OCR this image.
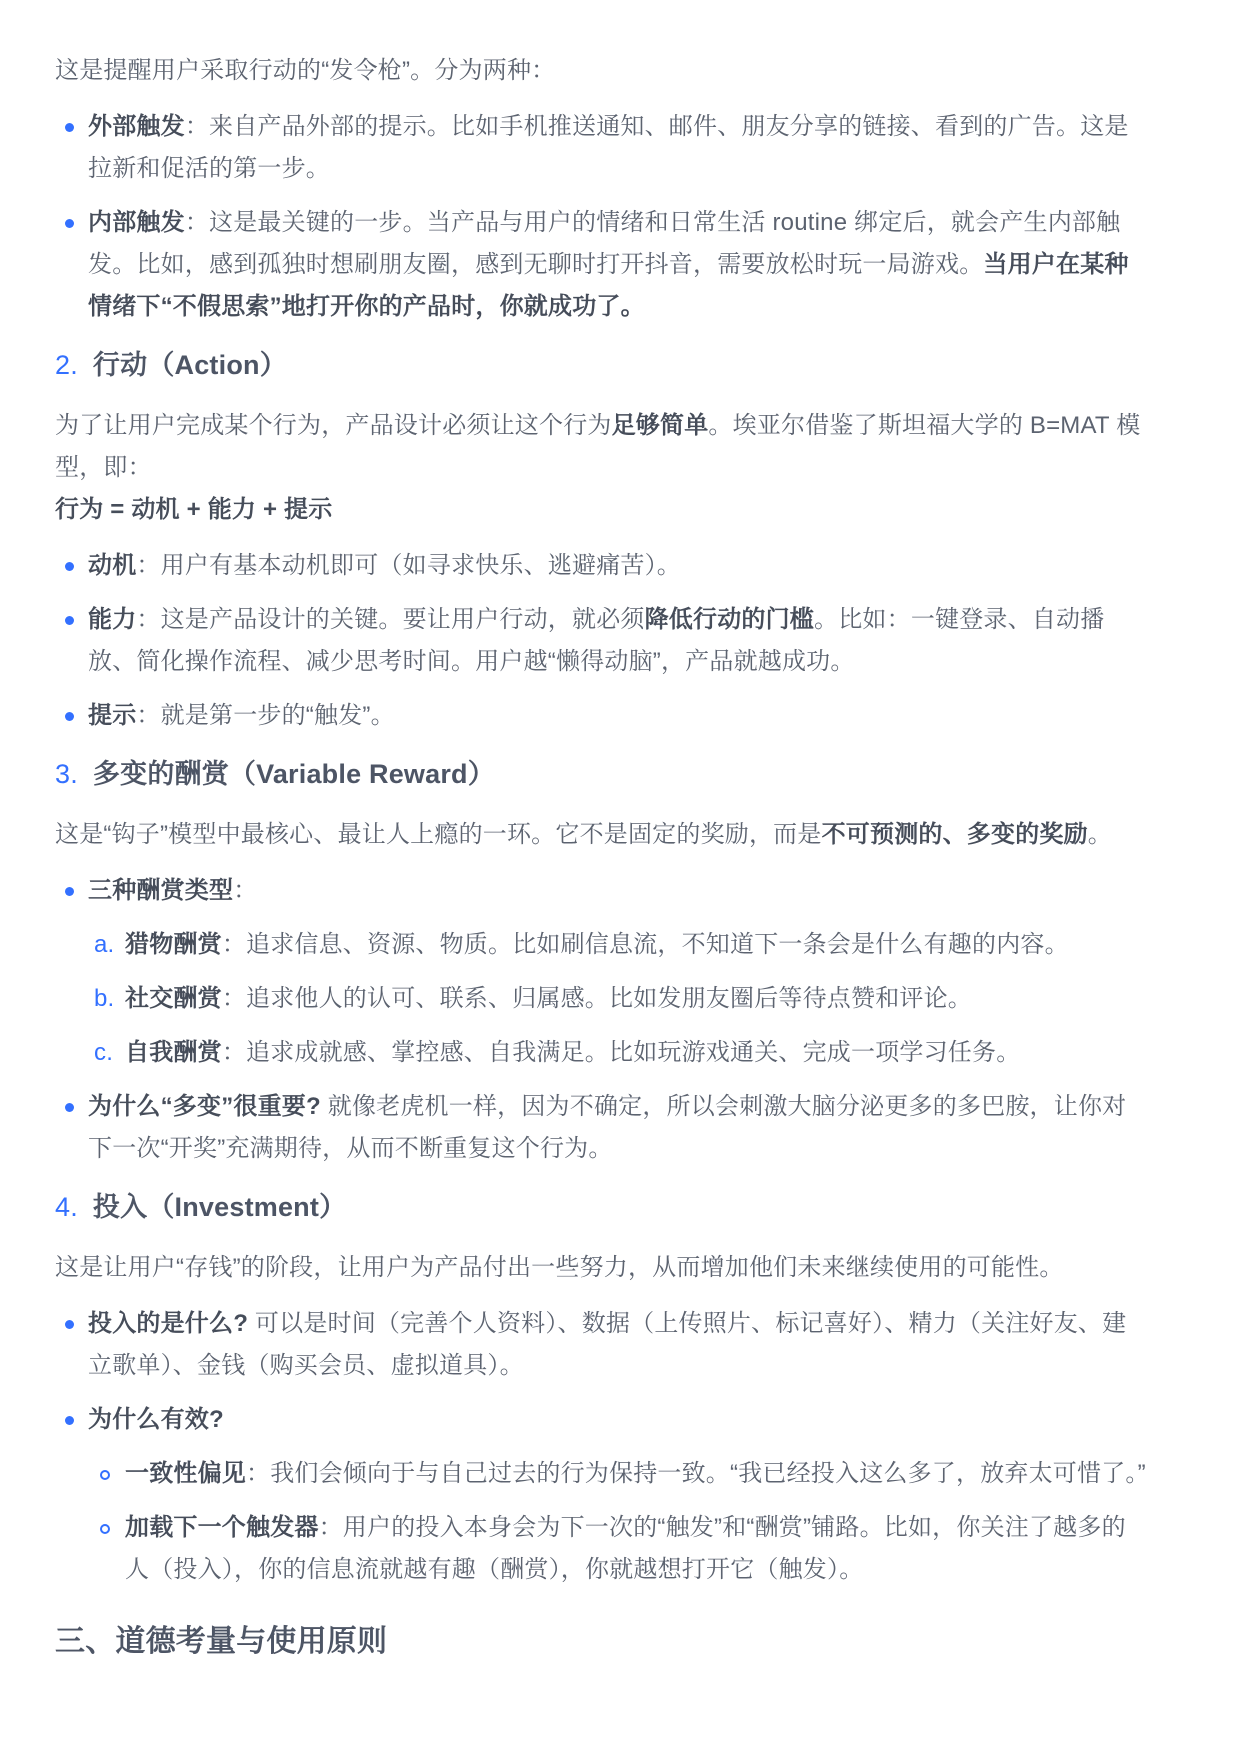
这是提醒用户采取行动的“发令枪”。分为两种：

外部触发：来自产品外部的提示。比如手机推送通知、邮件、朋友分享的链接、看到的广告。这是拉新和促活的第一步。
内部触发：这是最关键的一步。当产品与用户的情绪和日常生活 routine 绑定后，就会产生内部触发。比如，感到孤独时想刷朋友圈，感到无聊时打开抖音，需要放松时玩一局游戏。当用户在某种情绪下“不假思索”地打开你的产品时，你就成功了。
2. 行动（Action）

为了让用户完成某个行为，产品设计必须让这个行为足够简单。埃亚尔借鉴了斯坦福大学的 B=MAT 模型，即：

行为 = 动机 + 能力 + 提示

动机：用户有基本动机即可（如寻求快乐、逃避痛苦）。
能力：这是产品设计的关键。要让用户行动，就必须降低行动的门槛。比如：一键登录、自动播放、简化操作流程、减少思考时间。用户越“懒得动脑”，产品就越成功。
提示：就是第一步的“触发”。
3. 多变的酬赏（Variable Reward）

这是“钩子”模型中最核心、最让人上瘾的一环。它不是固定的奖励，而是不可预测的、多变的奖励。

三种酬赏类型：
a. 猎物酬赏：追求信息、资源、物质。比如刷信息流，不知道下一条会是什么有趣的内容。
b. 社交酬赏：追求他人的认可、联系、归属感。比如发朋友圈后等待点赞和评论。
c. 自我酬赏：追求成就感、掌控感、自我满足。比如玩游戏通关、完成一项学习任务。
为什么“多变”很重要? 就像老虎机一样，因为不确定，所以会刺激大脑分泌更多的多巴胺，让你对下一次“开奖”充满期待，从而不断重复这个行为。
4. 投入（Investment）

这是让用户“存钱”的阶段，让用户为产品付出一些努力，从而增加他们未来继续使用的可能性。

投入的是什么? 可以是时间（完善个人资料）、数据（上传照片、标记喜好）、精力（关注好友、建立歌单）、金钱（购买会员、虚拟道具）。
为什么有效?
一致性偏见：我们会倾向于与自己过去的行为保持一致。“我已经投入这么多了，放弃太可惜了。”
加载下一个触发器：用户的投入本身会为下一次的“触发”和“酬赏”铺路。比如，你关注了越多的人（投入），你的信息流就越有趣（酬赏），你就越想打开它（触发）。
三、道德考量与使用原则
